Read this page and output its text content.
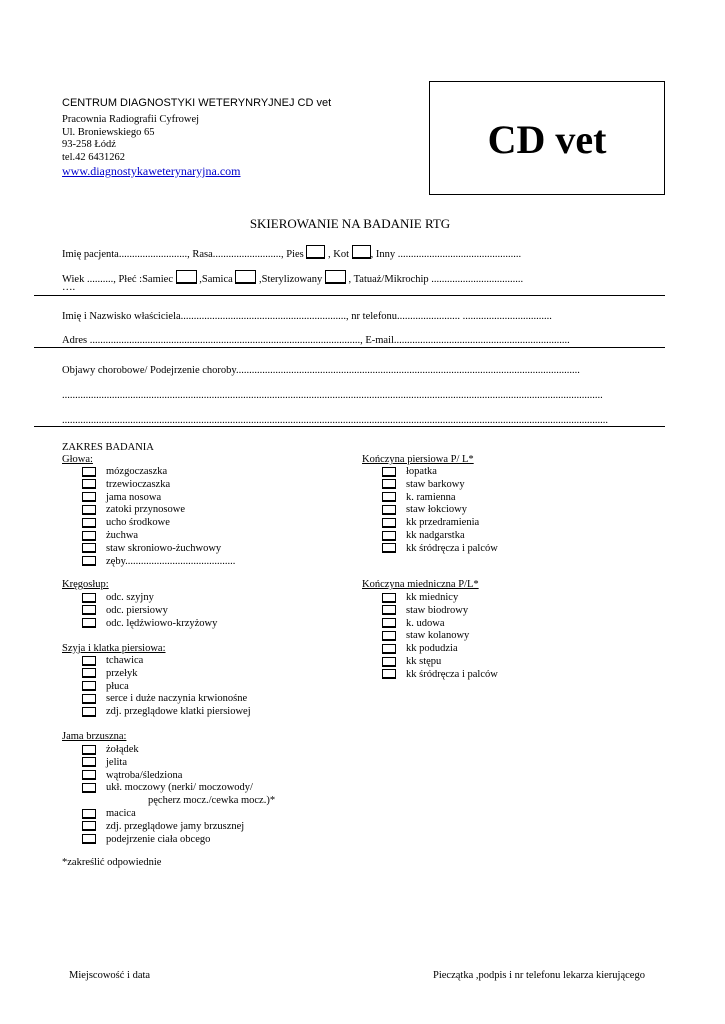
CENTRUM DIAGNOSTYKI WETERYNRYJNEJ CD vet
Pracownia Radiografii Cyfrowej
Ul. Broniewskiego 65
93-258 Łódź
tel.42 6431262
www.diagnostykaweterynaryjna.com
CD vet
SKIEROWANIE NA BADANIE RTG
Imię pacjenta.........................., Rasa.........................., Pies , Kot , Inny ...............................................
Wiek .........., Płeć :Samiec	,Samica	,Sterylizowany	, Tatuaż/Mikrochip ...................................
….
Imię i Nazwisko właściciela..............................................................., nr telefonu........................ ..................................
Adres ......................................................................................................., E-mail...................................................................
Objawy chorobowe/ Podejrzenie choroby...................................................................................................................................
..............................................................................................................................................................................................................
................................................................................................................................................................................................................
ZAKRES BADANIA
Głowa:
mózgoczaszka
trzewioczaszka
jama nosowa
zatoki przynosowe
ucho środkowe
żuchwa
staw skroniowo-żuchwowy
zęby..........................................
Kręgosłup:
odc. szyjny
odc. piersiowy
odc. lędźwiowo-krzyżowy
Szyja i klatka piersiowa:
tchawica
przełyk
płuca
serce i duże naczynia krwionośne
zdj. przeglądowe klatki piersiowej
Jama brzuszna:
żołądek
jelita
wątroba/śledziona
ukł. moczowy (nerki/ moczowody/
pęcherz mocz./cewka mocz.)*
macica
zdj. przeglądowe jamy brzusznej
podejrzenie ciała obcego
Kończyna piersiowa P/ L*
łopatka
staw barkowy
k. ramienna
staw łokciowy
kk przedramienia
kk nadgarstka
kk śródręcza i palców
Kończyna miedniczna P/L*
kk miednicy
staw biodrowy
k. udowa
staw kolanowy
kk podudzia
kk stępu
kk śródręcza i palców
*zakreślić odpowiednie
Miejscowość i data	Pieczątka ,podpis i nr telefonu lekarza kierującego
